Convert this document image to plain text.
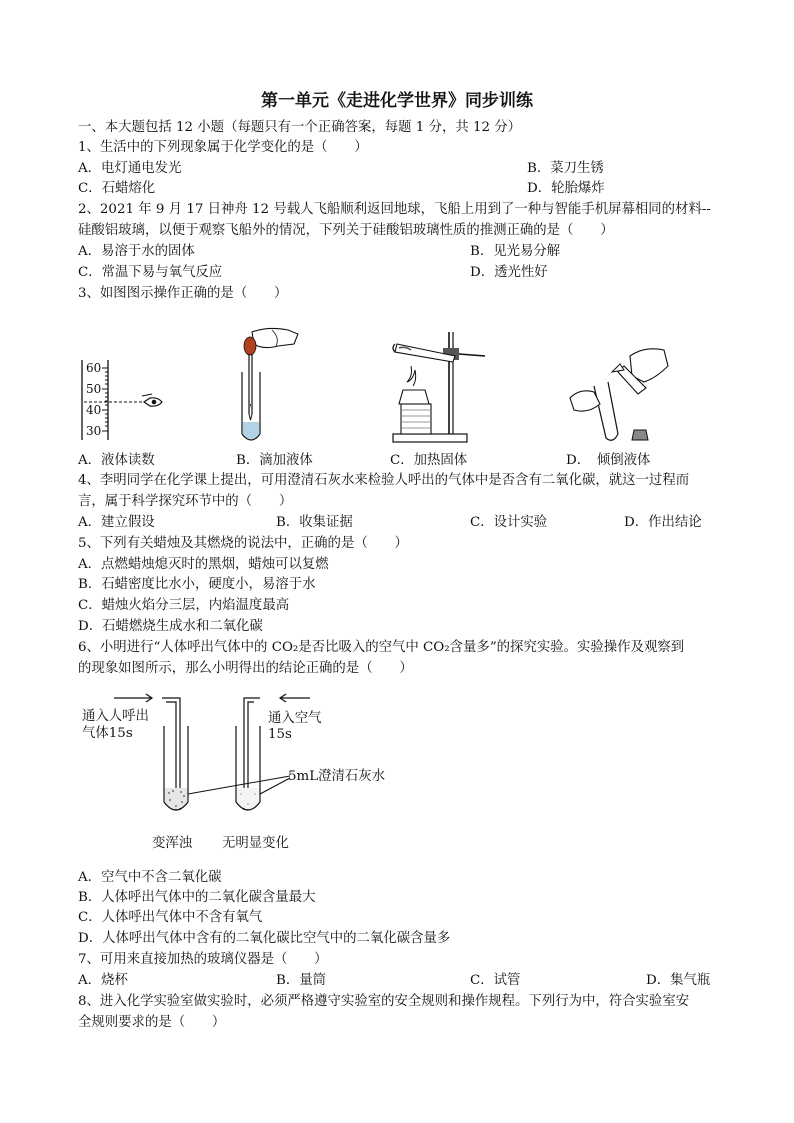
第一单元《走进化学世界》同步训练
一、本大题包括 12 小题（每题只有一个正确答案，每题 1 分，共 12 分）
1、生活中的下列现象属于化学变化的是（　　）
A．电灯通电发光	B．菜刀生锈
C．石蜡熔化	D．轮胎爆炸
2、2021 年 9 月 17 日神舟 12 号载人飞船顺利返回地球，飞船上用到了一种与智能手机屏幕相同的材料--
硅酸铝玻璃，以便于观察飞船外的情况，下列关于硅酸铝玻璃性质的推测正确的是（　　）
A．易溶于水的固体	B．见光易分解
C．常温下易与氧气反应	D．透光性好
3、如图图示操作正确的是（　　）
60
50
40
30
A．液体读数	B．滴加液体	C．加热固体	D．　倾倒液体
4、李明同学在化学课上提出，可用澄清石灰水来检验人呼出的气体中是否含有二氧化碳，就这一过程而
言，属于科学探究环节中的（　　）
A．建立假设	B．收集证据	C．设计实验	D．作出结论
5、下列有关蜡烛及其燃烧的说法中，正确的是（　　）
A．点燃蜡烛熄灭时的黑烟，蜡烛可以复燃
B．石蜡密度比水小，硬度小，易溶于水
C．蜡烛火焰分三层，内焰温度最高
D．石蜡燃烧生成水和二氧化碳
6、小明进行“人体呼出气体中的 CO₂是否比吸入的空气中 CO₂含量多”的探究实验。实验操作及观察到
的现象如图所示，那么小明得出的结论正确的是（　　）
通入人呼出
气体15s
通入空气
15s
5mL澄清石灰水
变浑浊 无明显变化
A．空气中不含二氧化碳
B．人体呼出气体中的二氧化碳含量最大
C．人体呼出气体中不含有氧气
D．人体呼出气体中含有的二氧化碳比空气中的二氧化碳含量多
7、可用来直接加热的玻璃仪器是（　　）
A．烧杯	B．量筒	C．试管	D．集气瓶
8、进入化学实验室做实验时，必须严格遵守实验室的安全规则和操作规程。下列行为中，符合实验室安
全规则要求的是（　　）
